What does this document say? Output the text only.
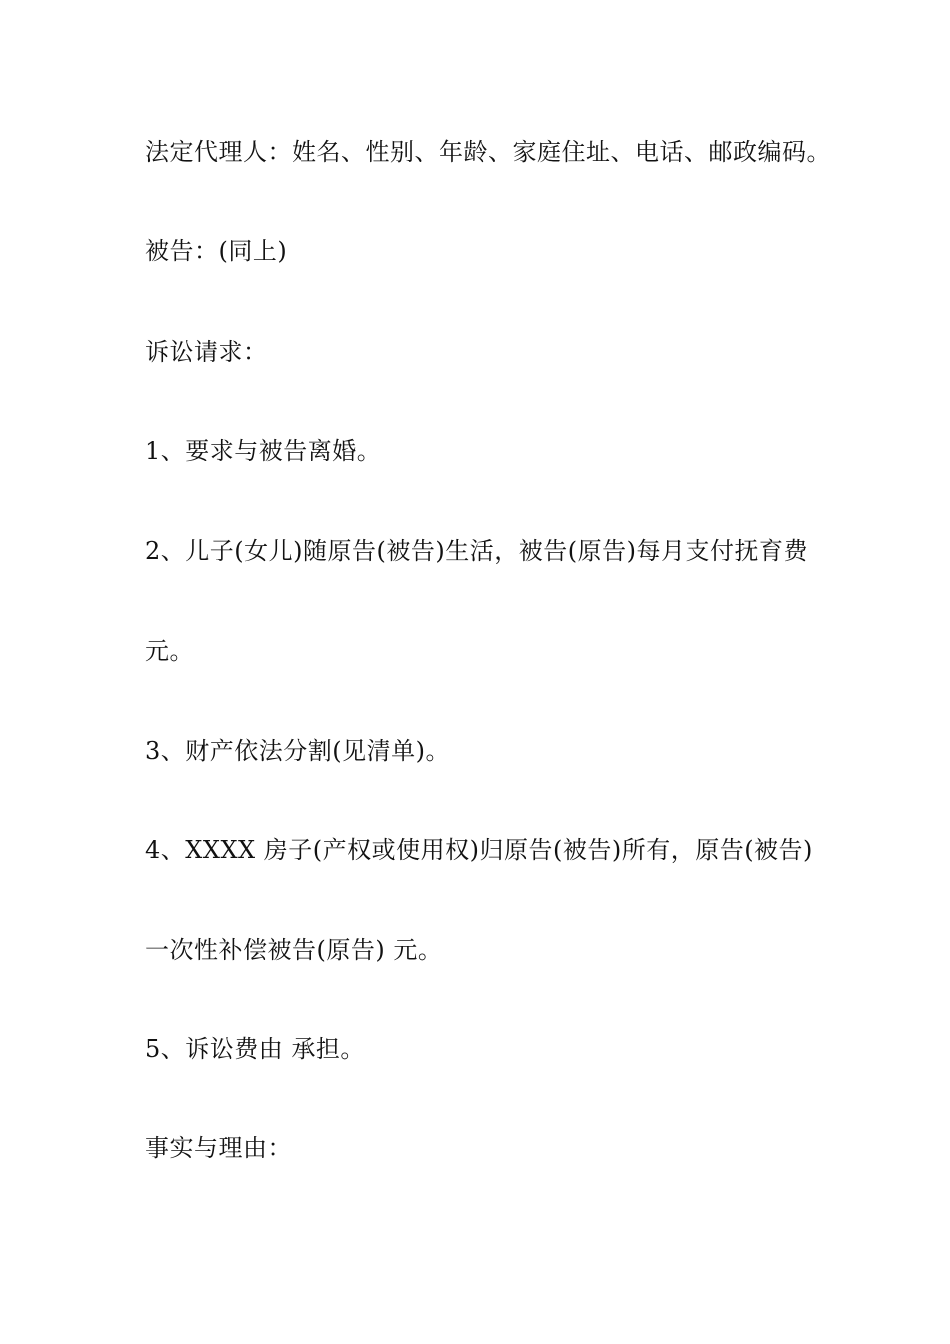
法定代理人：姓名、性别、年龄、家庭住址、电话、邮政编码。
被告：(同上)
诉讼请求：
1、要求与被告离婚。
2、儿子(女儿)随原告(被告)生活，被告(原告)每月支付抚育费
元。
3、财产依法分割(见清单)。
4、XXXX 房子(产权或使用权)归原告(被告)所有，原告(被告)
一次性补偿被告(原告) 元。
5、诉讼费由 承担。
事实与理由：
